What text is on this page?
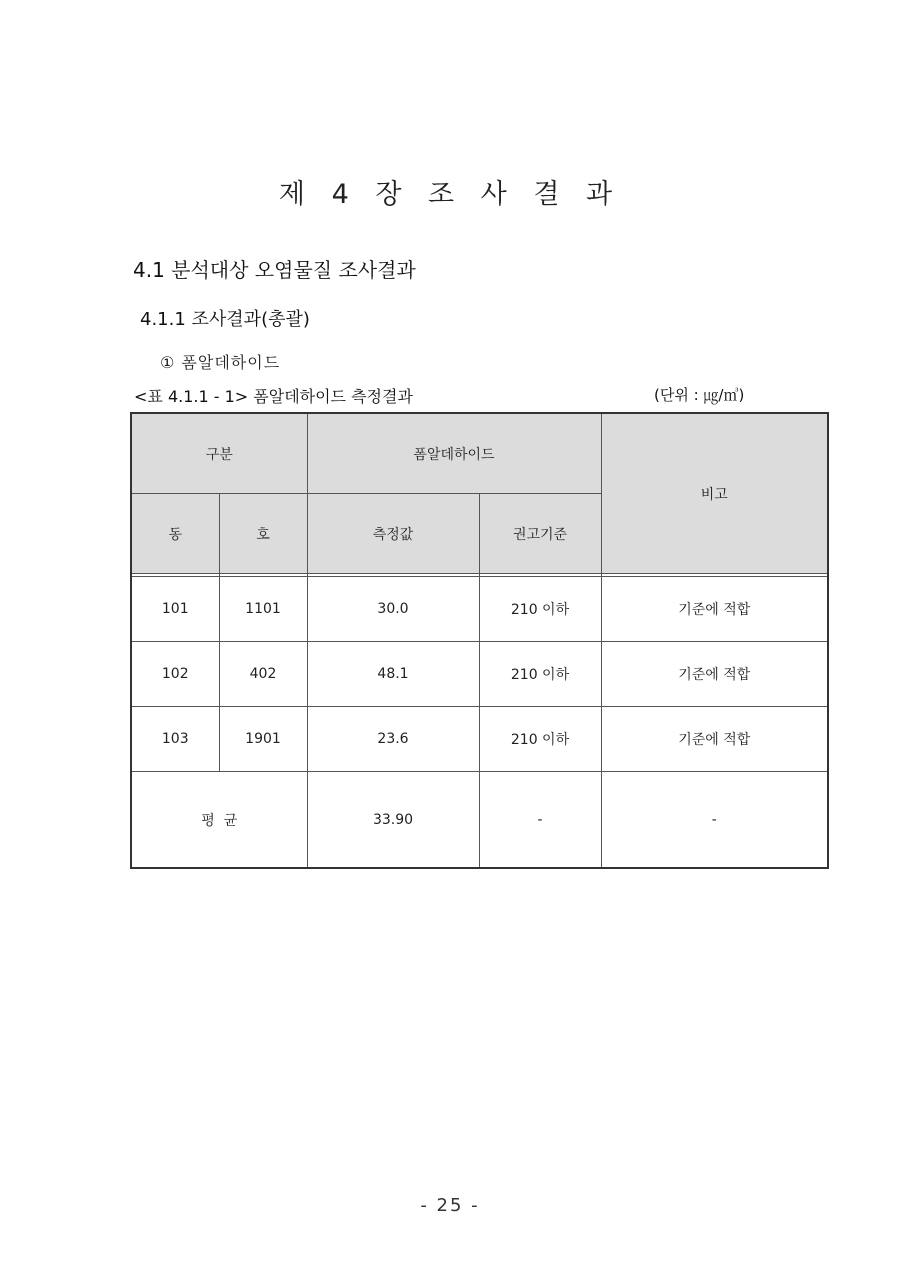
제 4 장 조 사 결 과
4.1 분석대상 오염물질 조사결과
4.1.1 조사결과(총괄)
① 폼알데하이드
<표 4.1.1 - 1> 폼알데하이드 측정결과	(단위 : ㎍/㎥)
구분		폼알데하이드		비고
동	호	측정값	권고기준	

101	1101	30.0	210 이하	기준에 적합
102	402	48.1	210 이하	기준에 적합
103	1901	23.6	210 이하	기준에 적합
평  균		33.90	-	-
- 25 -
